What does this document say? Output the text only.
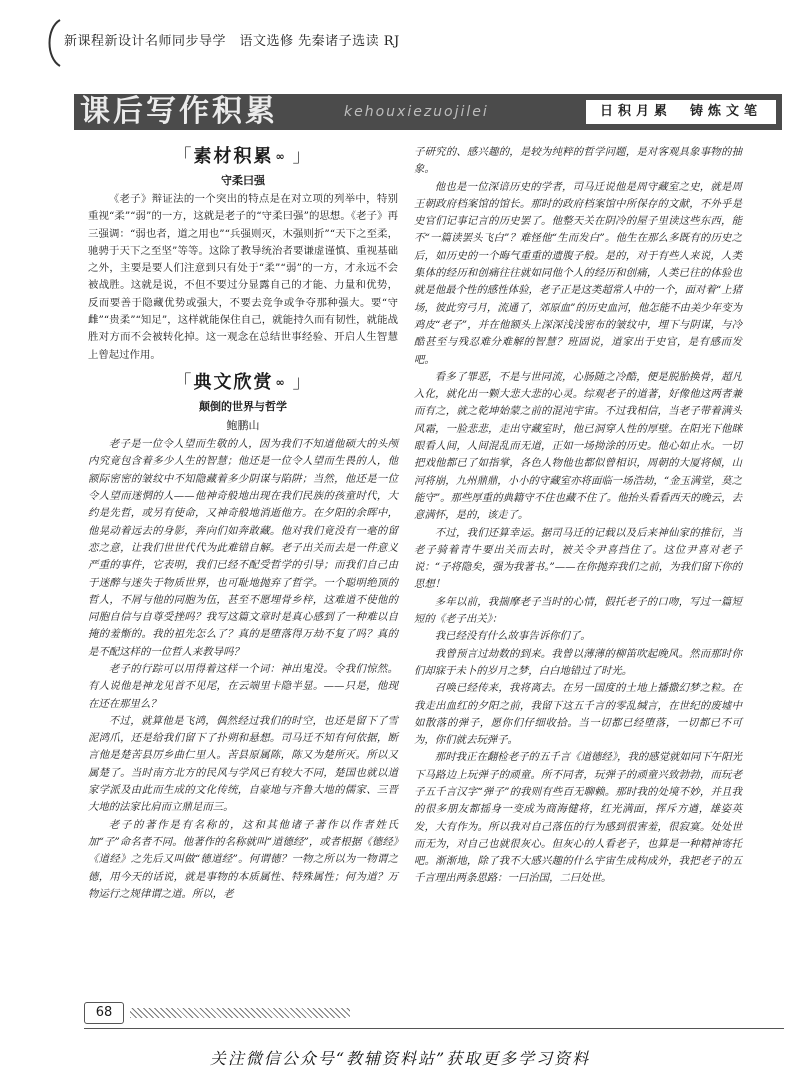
新课程新设计名师同步导学　语文选修 先秦诸子选读 RJ
课后写作积累	kehouxiezuojilei	日积月累　铸炼文笔
「素材积累 ∞ 」
守柔曰强

《老子》辩证法的一个突出的特点是在对立项的列举中，特别重视“柔”“弱”的一方，这就是老子的“守柔曰强”的思想。《老子》再三强调：“弱也者，道之用也”“兵强则灭，木强则折”“天下之至柔，驰骋于天下之至坚”等等。这除了教导统治者要谦虚谨慎、重视基础之外，主要是要人们注意到只有处于“柔”“弱”的一方，才永远不会被战胜。这就是说，不但不要过分显露自己的才能、力量和优势，反而要善于隐藏优势或强大，不要去竞争或争夺那种强大。要“守雌”“贵柔”“知足”，这样就能保住自己，就能持久而有韧性，就能战胜对方而不会被转化掉。这一观念在总结世事经验、开启人生智慧上曾起过作用。

「典文欣赏 ∞ 」
颠倒的世界与哲学
鲍鹏山

老子是一位令人望而生敬的人，因为我们不知道他硕大的头颅内究竟包含着多少人生的智慧；他还是一位令人望而生畏的人，他额际密密的皱纹中不知隐藏着多少阴谋与陷阱；当然，他还是一位令人望而迷惘的人——他神奇般地出现在我们民族的孩童时代，大约是先哲，或另有使命，又神奇般地消逝他方。在夕阳的余晖中，他晃动着远去的身影，奔向们如奔敢藏。他对我们竟没有一毫的留恋之意，让我们世世代代为此难错自解。老子出关而去是一件意义严重的事件，它表明，我们已经不配受哲学的引导；而我们自己由于迷醉与迷失于物质世界，也可耻地抛弃了哲学。一个聪明绝顶的哲人，不屑与他的同胞为伍，甚至不愿埋骨乡梓，这难道不使他的同胞自信与自尊受挫吗？我写这篇文章时是真心感到了一种难以自掩的羞惭的。我的祖先怎么了？真的是堕落得万劫不复了吗？真的是不配这样的一位哲人来教导吗？

老子的行踪可以用得着这样一个词：神出鬼没。令我们惊然。有人说他是神龙见首不见尾，在云端里卡隐半显。——只是，他现在还在那里么？

不过，就算他是飞鸿，偶然经过我们的时空，也还是留下了雪泥鸿爪，还是给我们留下了扑朔和悬想。司马迁不知有何依据，断言他是楚苦县厉乡曲仁里人。苦县原属陈，陈又为楚所灭。所以又属楚了。当时南方北方的民风与学风已有较大不同，楚国也就以道家学派及由此而生成的文化传统，自豪地与齐鲁大地的儒家、三晋大地的法家比肩而立鼎足而三。

老子的著作是有名称的，这和其他诸子著作以作者姓氏加“子”命名者不同。他著作的名称就叫“道德经”，或者根据《德经》《道经》之先后又叫做“德道经”。何谓德？一物之所以为一物谓之德，用今天的话说，就是事物的本质属性、特殊属性；何为道？万物运行之规律谓之道。所以，老

子研究的、感兴趣的，是较为纯粹的哲学问题，是对客观具象事物的抽象。

他也是一位深谙历史的学者，司马迁说他是周守藏室之史，就是周王朝政府档案馆的馆长。那时的政府档案馆中所保存的文献，不外乎是史官们记事记言的历史罢了。他整天关在阴冷的屋子里读这些东西，能不“一篇读罢头飞白”？难怪他“生而发白”。他生在那么多既有的历史之后，如历史的一个晦气重重的遗腹子般。是的，对于有些人来说，人类集体的经历和创痛往往就如同他个人的经历和创痛，人类已往的体验也就是他最个性的感性体验，老子正是这类超常人中的一个，面对着“上猪场，彼此穷弓月，流通了，郊原血”的历史血河，他怎能不由美少年变为鸡皮“老子”，并在他额头上深深浅浅密布的皱纹中，埋下与阴谋，与冷酷甚至与残忍难分难解的智慧？班固说，道家出于史官，是有感而发吧。

看多了罪恶，不是与世同流，心肠随之冷酷，便是脱胎换骨，超凡入化，就化出一颗大悲大悲的心灵。综观老子的道著，好像他这两者兼而有之，就之乾坤始蒙之前的混沌宇宙。不过我相信，当老子带着满头风霜，一脸悲悲，走出守藏室时，他已洞穿人性的厚壁。在阳光下他眯眼看人间，人间混乱而无道，正如一场拗涂的历史。他心如止水。一切把戏他都已了如指掌，各色人物他也都似曾相识，周朝的大厦将倾，山河将崩，九州鼎鼎，小小的守藏室亦将面临一场浩劫，“金玉满堂，莫之能守”。那些厚重的典籍守不住也藏不住了。他抬头看看西天的晚云，去意满怀，是的，该走了。

不过，我们还算幸运。据司马迁的记载以及后来神仙家的推衍，当老子骑着青牛要出关而去时，被关令尹喜挡住了。这位尹喜对老子说：“子将隐矣，强为我著书。”——在你抛弃我们之前，为我们留下你的思想！

多年以前，我揣摩老子当时的心情，假托老子的口吻，写过一篇短短的《老子出关》：

我已经没有什么故事告诉你们了。

我曾预言过劫数的到来。我曾以薄薄的柳笛吹起晚风。然而那时你们却寐于未卜的岁月之梦，白白地错过了时光。

召唤已经传来，我将离去。在另一国度的土地上播撒幻梦之粒。在我走出血红的夕阳之前，我留下这五千言的零乱缄言，在世纪的废墟中如散落的弹子，愿你们仔细收拾。当一切都已经堕落，一切都已不可为，你们就去玩弹子。

那时我正在翻检老子的五千言《道德经》，我的感觉就如同下午阳光下马路边上玩弹子的顽童。所不同者，玩弹子的顽童兴致勃勃，而玩老子五千言汉字“弹子”的我则有些百无聊赖。那时我的处境不妙，并且我的很多朋友都摇身一变成为商海健将，红光满面，挥斥方遒，雄姿英发，大有作为。所以我对自己落伍的行为感到很害羞，很寂寞。处处世而无为，对自己也就很灰心。但灰心的人看老子，也算是一种精神寄托吧。渐渐地，除了我不大感兴趣的什么宇宙生成构成外，我把老子的五千言理出两条思路：一曰治国，二曰处世。

68
关注微信公众号“教辅资料站”获取更多学习资料
